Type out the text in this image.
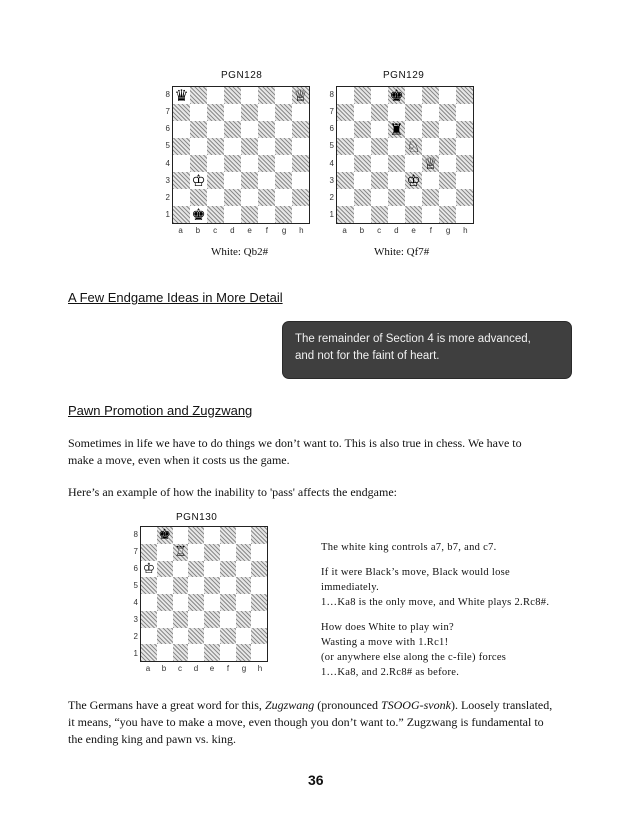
PGN128
♛	♕
♔
♚
8
7
6
5
4
3
2
1
a	b	c	d	e	f	g	h
White: Qb2#
PGN129
♚
♜
♘
♕
♔
8
7
6
5
4
3
2
1
a	b	c	d	e	f	g	h
White: Qf7#
A Few Endgame Ideas in More Detail
The remainder of Section 4 is more advanced,
and not for the faint of heart.
Pawn Promotion and Zugzwang

Sometimes in life we have to do things we don’t want to. This is also true in chess. We have to make a move, even when it costs us the game.

Here’s an example of how the inability to 'pass' affects the endgame:

PGN130
♚
♖
♔
8
7
6
5
4
3
2
1
a	b	c	d	e	f	g	h

The white king controls a7, b7, and c7.

If it were Black’s move, Black would lose immediately.

1…Ka8 is the only move, and White plays 2.Rc8#.

How does White to play win?

Wasting a move with 1.Rc1!

(or anywhere else along the c-file) forces

1…Ka8, and 2.Rc8# as before.

The Germans have a great word for this, Zugzwang (pronounced TSOOG-svonk). Loosely translated, it means, “you have to make a move, even though you don’t want to.” Zugzwang is fundamental to the ending king and pawn vs. king.

36
